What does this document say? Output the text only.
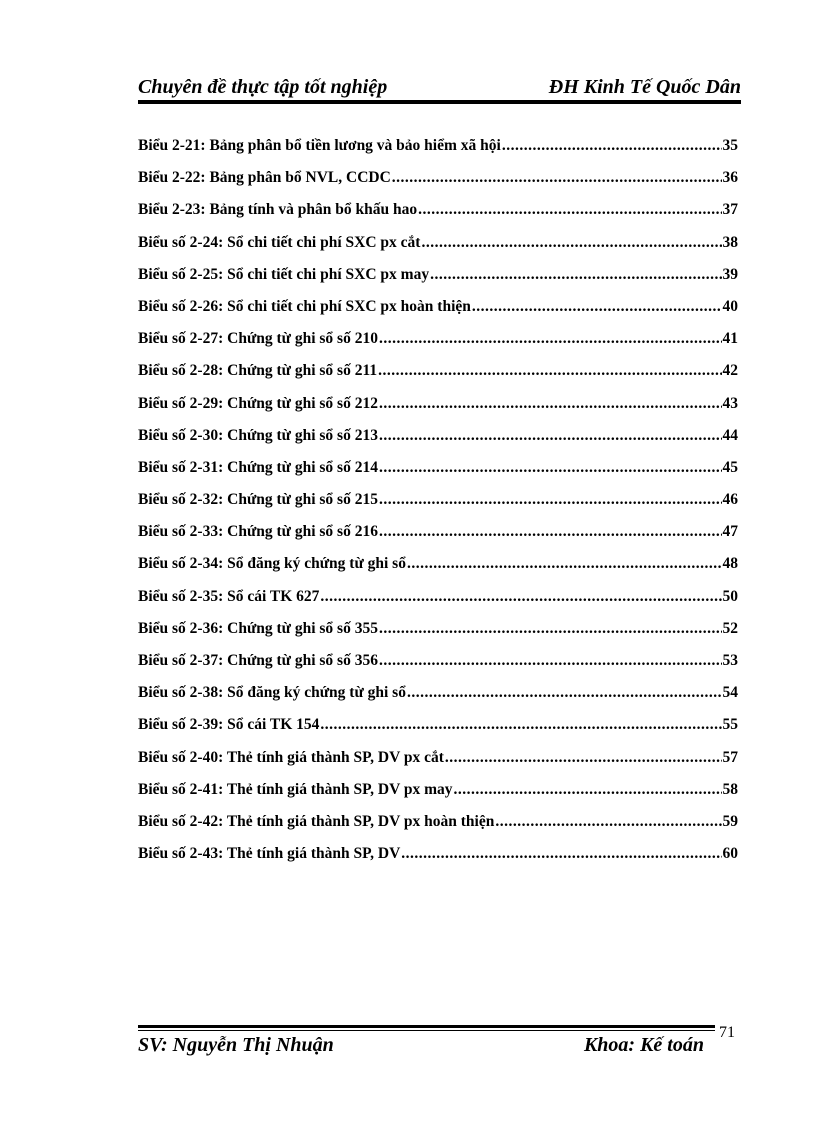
Chuyên đề thực tập tốt nghiệp	ĐH Kinh Tế Quốc Dân
Biểu 2-21: Bảng phân bổ tiền lương và bảo hiểm xã hội .....	35
Biểu 2-22: Bảng phân bổ NVL, CCDC .....	36
Biểu 2-23: Bảng tính và phân bổ khấu hao .....	37
Biểu số 2-24: Sổ chi tiết chi phí SXC px cắt .....	38
Biểu số 2-25: Sổ chi tiết chi phí SXC px may .....	39
Biểu số 2-26: Sổ chi tiết chi phí SXC px hoàn thiện .....	40
Biểu số 2-27: Chứng từ ghi sổ số 210 .....	41
Biểu số 2-28: Chứng từ ghi sổ số 211 .....	42
Biểu số 2-29: Chứng từ ghi sổ số 212 .....	43
Biểu số 2-30: Chứng từ ghi sổ số 213 .....	44
Biểu số 2-31: Chứng từ ghi sổ số 214 .....	45
Biểu số 2-32: Chứng từ ghi sổ số 215 .....	46
Biểu số 2-33: Chứng từ ghi sổ số 216 .....	47
Biểu số 2-34: Sổ đăng ký chứng từ ghi sổ .....	48
Biểu số 2-35: Sổ cái TK 627 .....	50
Biểu số 2-36: Chứng từ ghi sổ số 355 .....	52
Biểu số 2-37: Chứng từ ghi sổ số 356 .....	53
Biểu số 2-38: Sổ đăng ký chứng từ ghi sổ .....	54
Biểu số 2-39: Sổ cái TK 154 .....	55
Biểu số 2-40: Thẻ tính giá thành SP, DV px cắt .....	57
Biểu số 2-41: Thẻ tính giá thành SP, DV px may .....	58
Biểu số 2-42: Thẻ tính giá thành SP, DV px hoàn thiện .....	59
Biểu số 2-43: Thẻ tính giá thành SP, DV .....	60
71
SV: Nguyễn Thị Nhuận	Khoa: Kế toán
